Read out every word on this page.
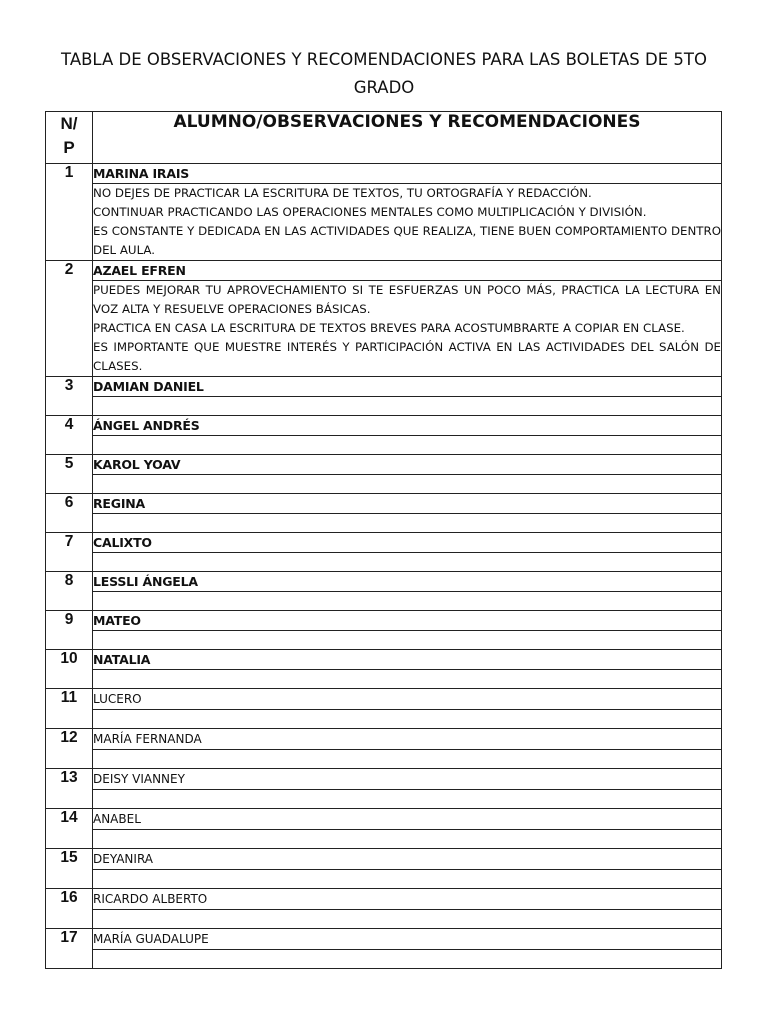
TABLA DE OBSERVACIONES Y RECOMENDACIONES PARA LAS BOLETAS DE 5TO
GRADO
N/
P	ALUMNO/OBSERVACIONES Y RECOMENDACIONES
1	MARINA IRAIS

	NO DEJES DE PRACTICAR LA ESCRITURA DE TEXTOS, TU ORTOGRAFÍA Y REDACCIÓN.

CONTINUAR PRACTICANDO LAS OPERACIONES MENTALES COMO MULTIPLICACIÓN Y DIVISIÓN.

ES CONSTANTE Y DEDICADA EN LAS ACTIVIDADES QUE REALIZA, TIENE BUEN COMPORTAMIENTO DENTRO DEL AULA.

2	AZAEL EFREN

	PUEDES MEJORAR TU APROVECHAMIENTO SI TE ESFUERZAS UN POCO MÁS, PRACTICA LA LECTURA EN VOZ ALTA Y RESUELVE OPERACIONES BÁSICAS.

PRACTICA EN CASA LA ESCRITURA DE TEXTOS BREVES PARA ACOSTUMBRARTE A COPIAR EN CLASE.

ES IMPORTANTE QUE MUESTRE INTERÉS Y PARTICIPACIÓN ACTIVA EN LAS ACTIVIDADES DEL SALÓN DE CLASES.

3	DAMIAN DANIEL

4	ÁNGEL ANDRÉS

5	KAROL YOAV

6	REGINA

7	CALIXTO

8	LESSLI ÁNGELA

9	MATEO

10	NATALIA

11	LUCERO

12	MARÍA FERNANDA

13	DEISY VIANNEY

14	ANABEL

15	DEYANIRA

16	RICARDO ALBERTO

17	MARÍA GUADALUPE
